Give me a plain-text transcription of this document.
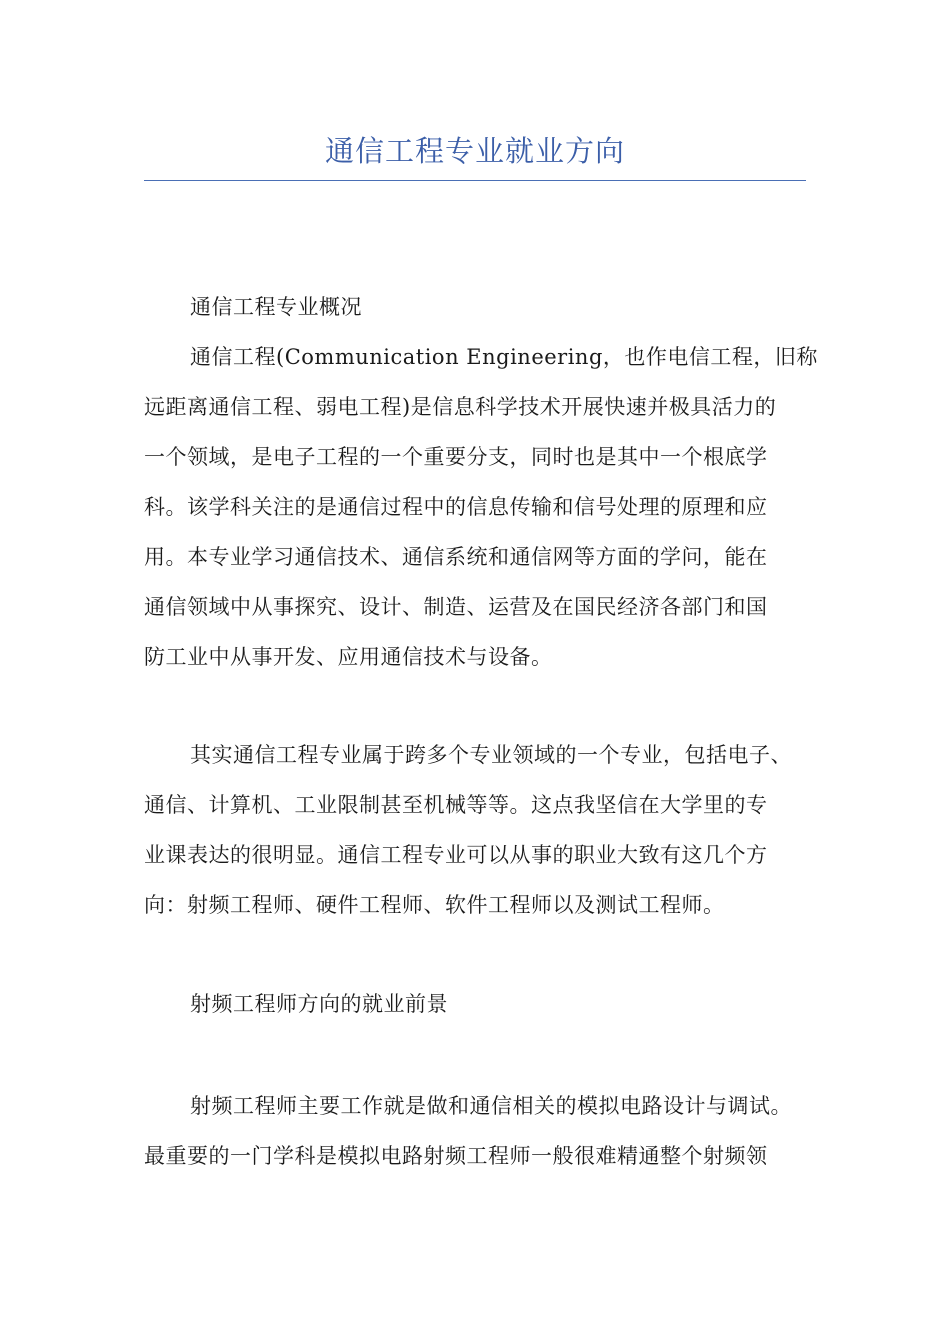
通信工程专业就业方向
通信工程专业概况
通信工程(Communication Engineering，也作电信工程，旧称
远距离通信工程、弱电工程)是信息科学技术开展快速并极具活力的
一个领域，是电子工程的一个重要分支，同时也是其中一个根底学
科。该学科关注的是通信过程中的信息传输和信号处理的原理和应
用。本专业学习通信技术、通信系统和通信网等方面的学问，能在
通信领域中从事探究、设计、制造、运营及在国民经济各部门和国
防工业中从事开发、应用通信技术与设备。
其实通信工程专业属于跨多个专业领域的一个专业，包括电子、
通信、计算机、工业限制甚至机械等等。这点我坚信在大学里的专
业课表达的很明显。通信工程专业可以从事的职业大致有这几个方
向：射频工程师、硬件工程师、软件工程师以及测试工程师。
射频工程师方向的就业前景
射频工程师主要工作就是做和通信相关的模拟电路设计与调试。
最重要的一门学科是模拟电路射频工程师一般很难精通整个射频领
